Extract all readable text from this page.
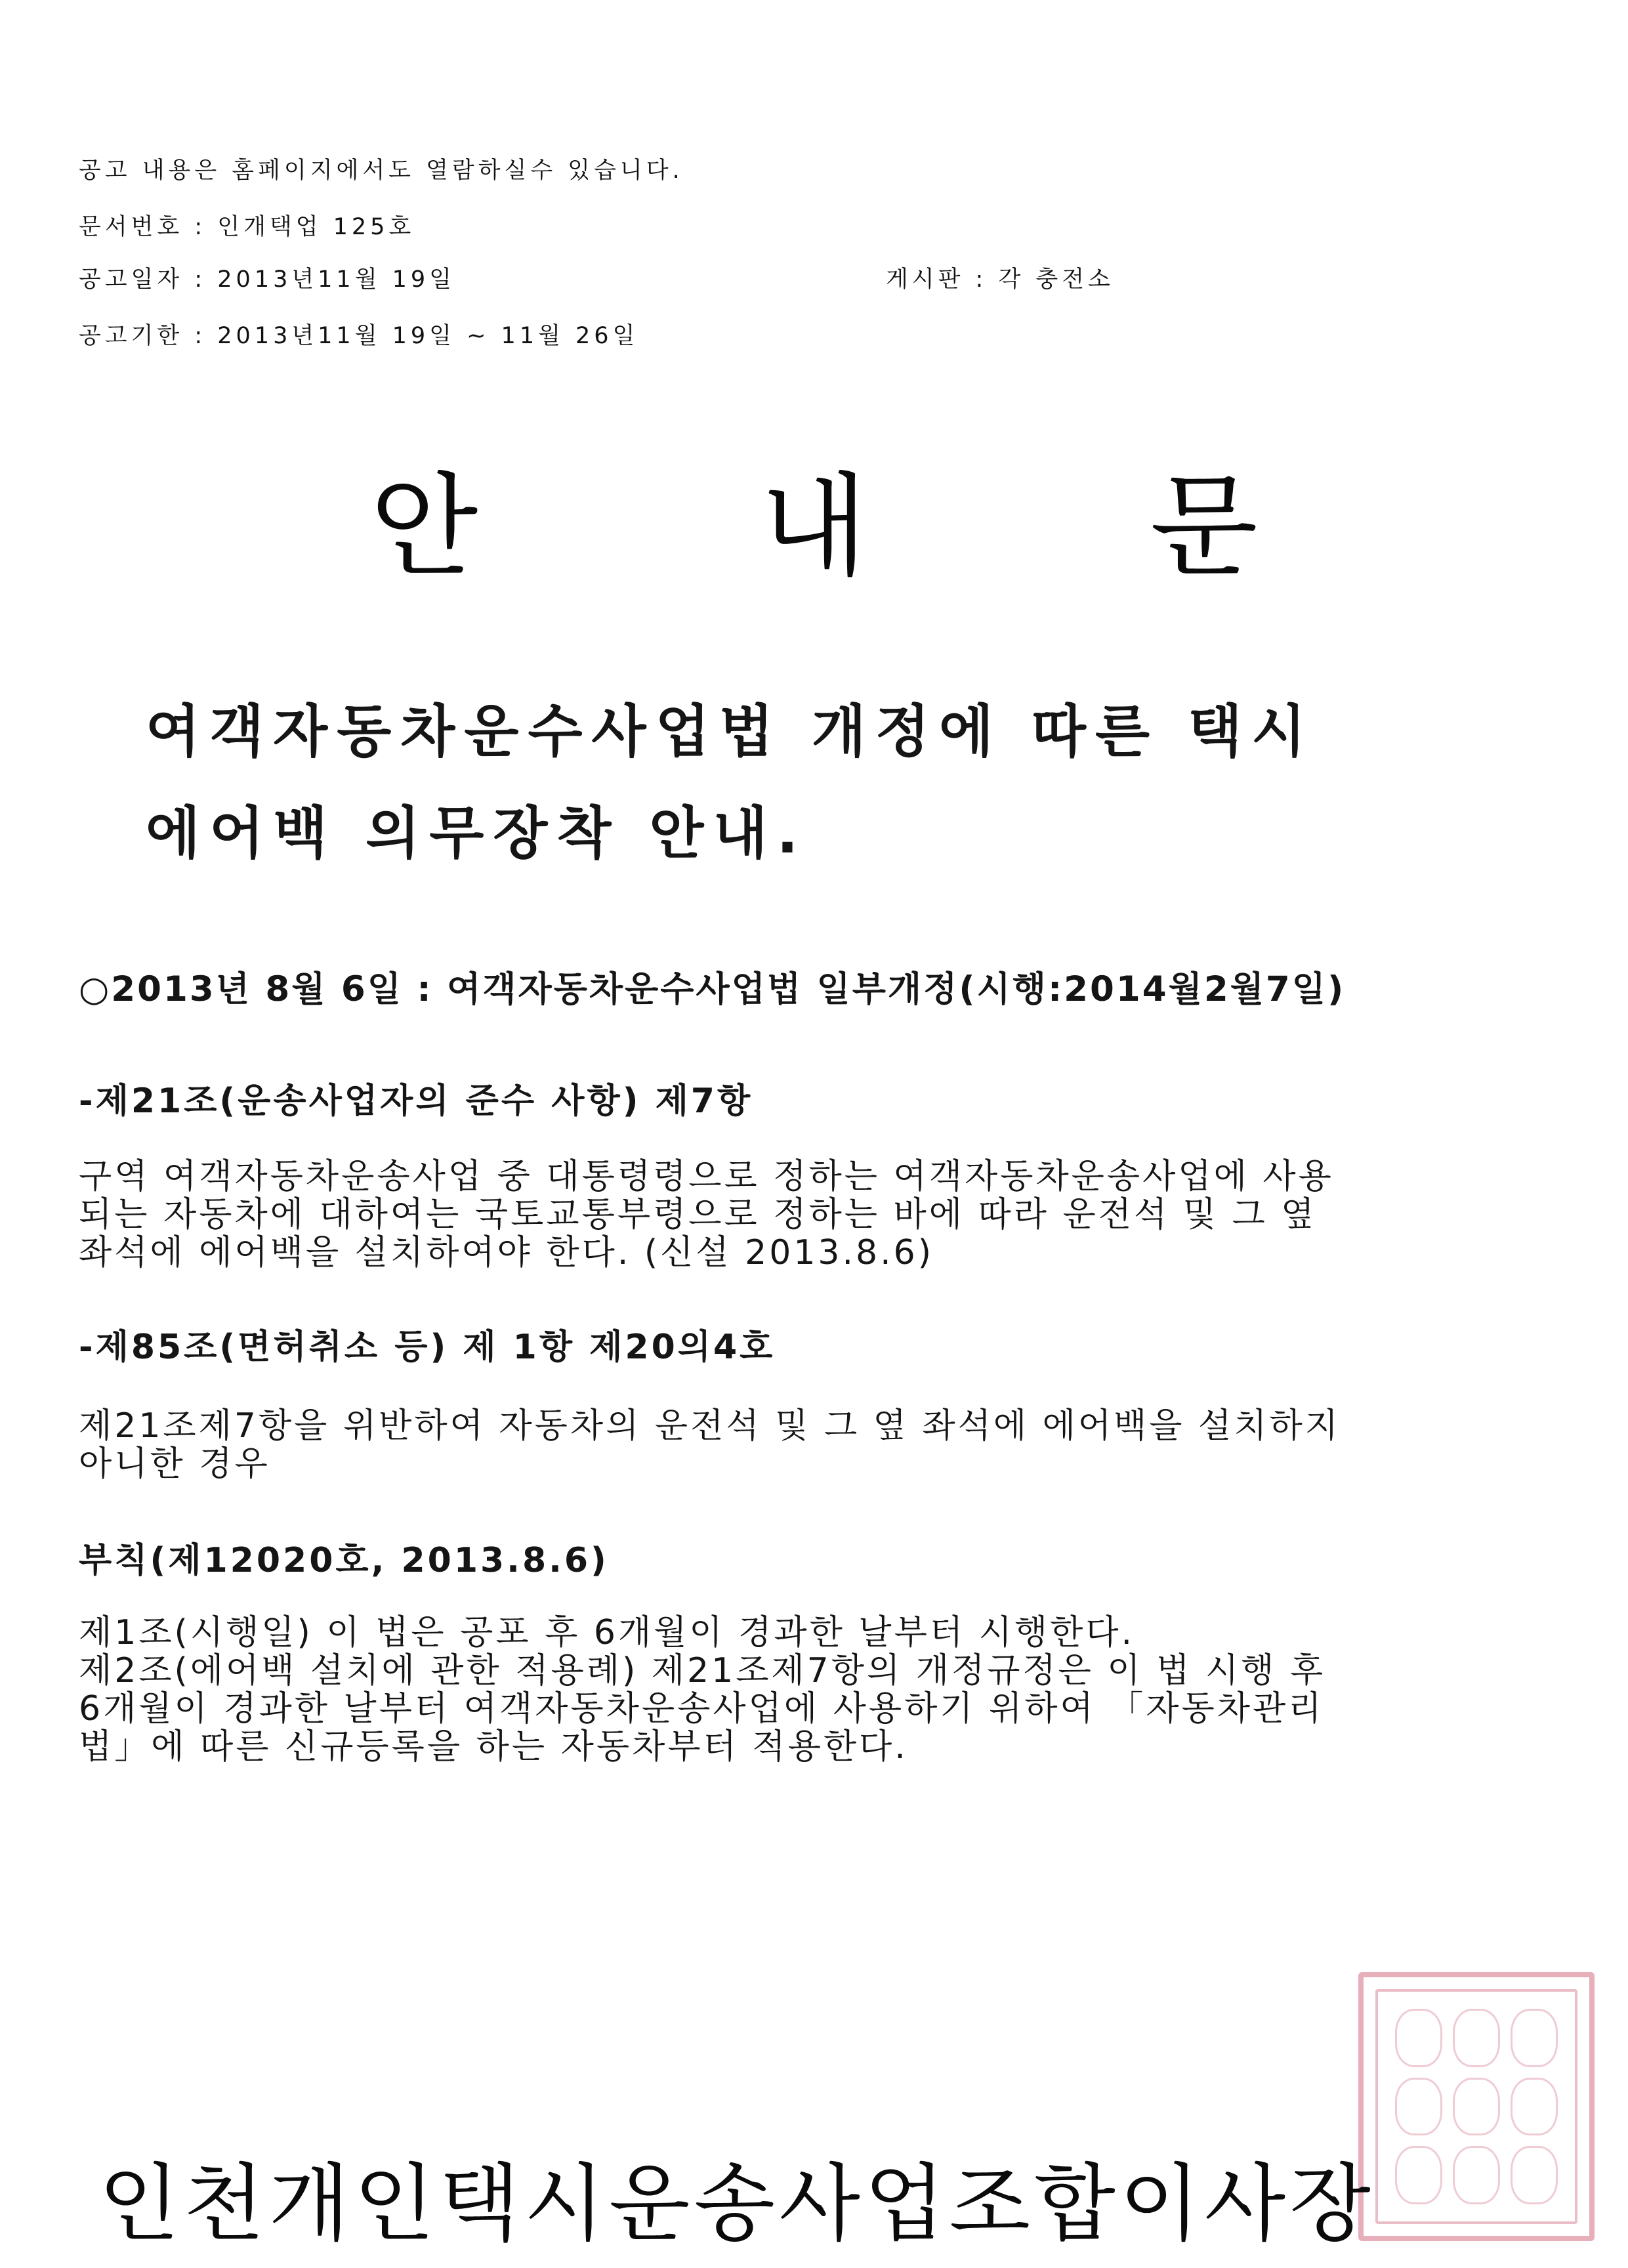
공고 내용은 홈페이지에서도 열람하실수 있습니다.
문서번호 : 인개택업 125호
공고일자 : 2013년11월 19일	게시판 : 각 충전소
공고기한 : 2013년11월 19일 ~ 11월 26일
안	내	문
여객자동차운수사업법 개정에 따른 택시
에어백 의무장착 안내.
○2013년 8월 6일 : 여객자동차운수사업법 일부개정(시행:2014월2월7일)
-제21조(운송사업자의 준수 사항) 제7항
구역 여객자동차운송사업 중 대통령령으로 정하는 여객자동차운송사업에 사용
되는 자동차에 대하여는 국토교통부령으로 정하는 바에 따라 운전석 및 그 옆
좌석에 에어백을 설치하여야 한다. (신설 2013.8.6)
-제85조(면허취소 등) 제 1항 제20의4호
제21조제7항을 위반하여 자동차의 운전석 및 그 옆 좌석에 에어백을 설치하지
아니한 경우
부칙(제12020호, 2013.8.6)
제1조(시행일) 이 법은 공포 후 6개월이 경과한 날부터 시행한다.
제2조(에어백 설치에 관한 적용례) 제21조제7항의 개정규정은 이 법 시행 후
6개월이 경과한 날부터 여객자동차운송사업에 사용하기 위하여 「자동차관리
법」에 따른 신규등록을 하는 자동차부터 적용한다.
인천개인택시운송사업조합이사장
